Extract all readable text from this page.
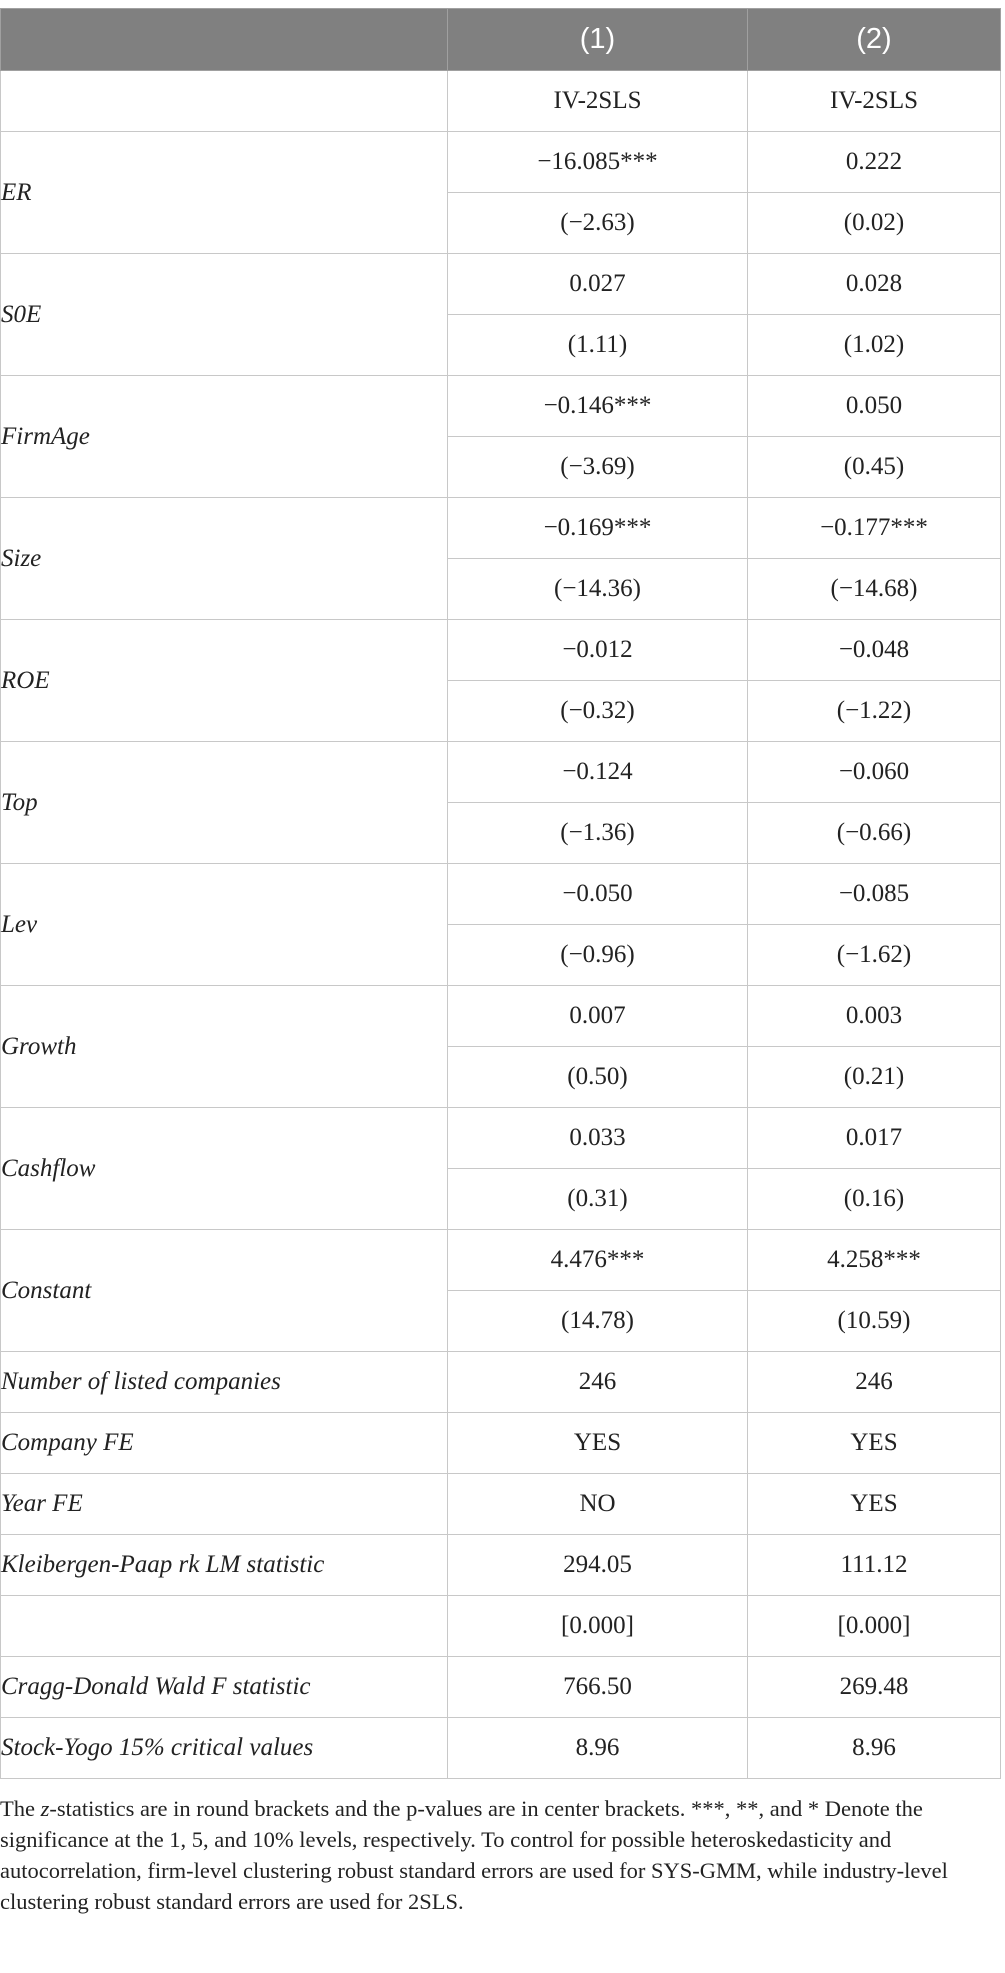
	(1)	(2)
	IV-2SLS	IV-2SLS
ER	−16.085***	0.222
	(−2.63)	(0.02)
S0E	0.027	0.028
	(1.11)	(1.02)
FirmAge	−0.146***	0.050
	(−3.69)	(0.45)
Size	−0.169***	−0.177***
	(−14.36)	(−14.68)
ROE	−0.012	−0.048
	(−0.32)	(−1.22)
Top	−0.124	−0.060
	(−1.36)	(−0.66)
Lev	−0.050	−0.085
	(−0.96)	(−1.62)
Growth	0.007	0.003
	(0.50)	(0.21)
Cashflow	0.033	0.017
	(0.31)	(0.16)
Constant	4.476***	4.258***
	(14.78)	(10.59)
Number of listed companies	246	246
Company FE	YES	YES
Year FE	NO	YES
Kleibergen-Paap rk LM statistic	294.05	111.12
	[0.000]	[0.000]
Cragg-Donald Wald F statistic	766.50	269.48
Stock-Yogo 15% critical values	8.96	8.96

The z-statistics are in round brackets and the p-values are in center brackets. ***, **, and * Denote the significance at the 1, 5, and 10% levels, respectively. To control for possible heteroskedasticity and autocorrelation, firm-level clustering robust standard errors are used for SYS-GMM, while industry-level clustering robust standard errors are used for 2SLS.
